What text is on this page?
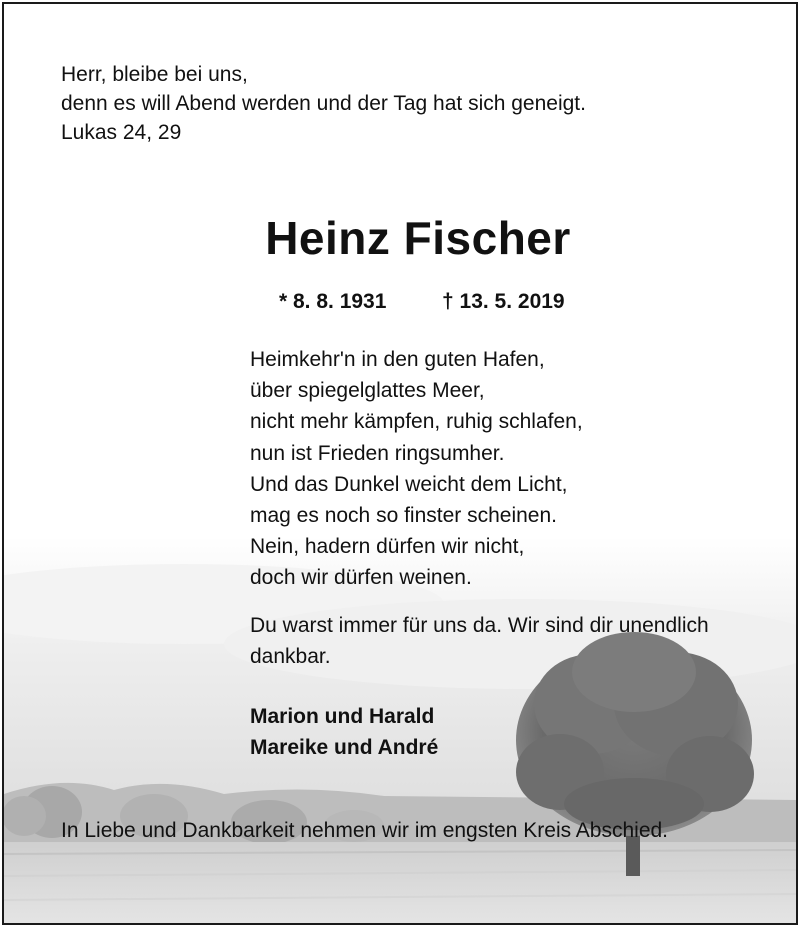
Herr, bleibe bei uns,
denn es will Abend werden und der Tag hat sich geneigt.
Lukas 24, 29
Heinz Fischer
* 8. 8. 1931	† 13. 5. 2019
Heimkehr'n in den guten Hafen,
über spiegelglattes Meer,
nicht mehr kämpfen, ruhig schlafen,
nun ist Frieden ringsumher.
Und das Dunkel weicht dem Licht,
mag es noch so finster scheinen.
Nein, hadern dürfen wir nicht,
doch wir dürfen weinen.
Du warst immer für uns da. Wir sind dir unendlich dankbar.
Marion und Harald
Mareike und André
In Liebe und Dankbarkeit nehmen wir im engsten Kreis Abschied.
